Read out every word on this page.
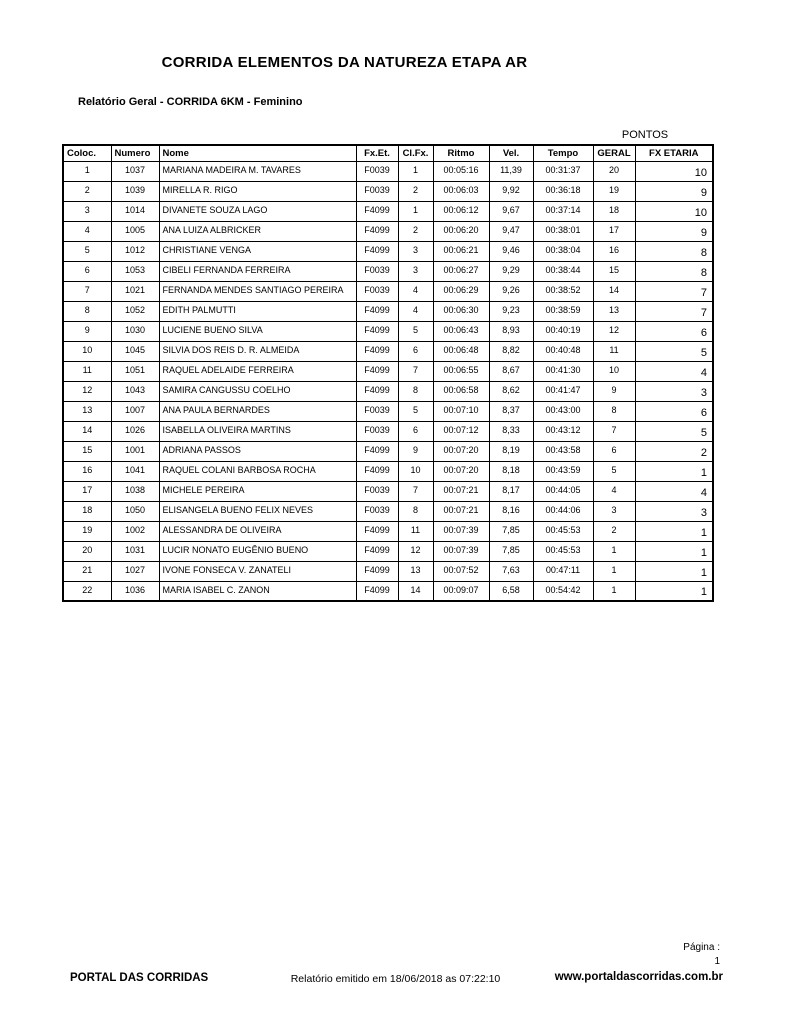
CORRIDA ELEMENTOS DA NATUREZA ETAPA AR
Relatório Geral - CORRIDA 6KM - Feminino
PONTOS
Coloc.	Numero	Nome	Fx.Et.	Cl.Fx.	Ritmo	Vel.	Tempo	GERAL	FX ETARIA
1	1037	MARIANA MADEIRA M. TAVARES	F0039	1	00:05:16	11,39	00:31:37	20	10
2	1039	MIRELLA R. RIGO	F0039	2	00:06:03	9,92	00:36:18	19	9
3	1014	DIVANETE SOUZA LAGO	F4099	1	00:06:12	9,67	00:37:14	18	10
4	1005	ANA LUIZA ALBRICKER	F4099	2	00:06:20	9,47	00:38:01	17	9
5	1012	CHRISTIANE VENGA	F4099	3	00:06:21	9,46	00:38:04	16	8
6	1053	CIBELI FERNANDA FERREIRA	F0039	3	00:06:27	9,29	00:38:44	15	8
7	1021	FERNANDA MENDES SANTIAGO PEREIRA	F0039	4	00:06:29	9,26	00:38:52	14	7
8	1052	EDITH PALMUTTI	F4099	4	00:06:30	9,23	00:38:59	13	7
9	1030	LUCIENE BUENO SILVA	F4099	5	00:06:43	8,93	00:40:19	12	6
10	1045	SILVIA DOS REIS D. R. ALMEIDA	F4099	6	00:06:48	8,82	00:40:48	11	5
11	1051	RAQUEL ADELAIDE FERREIRA	F4099	7	00:06:55	8,67	00:41:30	10	4
12	1043	SAMIRA CANGUSSU COELHO	F4099	8	00:06:58	8,62	00:41:47	9	3
13	1007	ANA PAULA BERNARDES	F0039	5	00:07:10	8,37	00:43:00	8	6
14	1026	ISABELLA OLIVEIRA MARTINS	F0039	6	00:07:12	8,33	00:43:12	7	5
15	1001	ADRIANA PASSOS	F4099	9	00:07:20	8,19	00:43:58	6	2
16	1041	RAQUEL COLANI BARBOSA ROCHA	F4099	10	00:07:20	8,18	00:43:59	5	1
17	1038	MICHELE PEREIRA	F0039	7	00:07:21	8,17	00:44:05	4	4
18	1050	ELISANGELA BUENO FELIX NEVES	F0039	8	00:07:21	8,16	00:44:06	3	3
19	1002	ALESSANDRA DE OLIVEIRA	F4099	11	00:07:39	7,85	00:45:53	2	1
20	1031	LUCIR NONATO EUGÊNIO BUENO	F4099	12	00:07:39	7,85	00:45:53	1	1
21	1027	IVONE FONSECA V. ZANATELI	F4099	13	00:07:52	7,63	00:47:11	1	1
22	1036	MARIA ISABEL C. ZANON	F4099	14	00:09:07	6,58	00:54:42	1	1
Página :
1
PORTAL DAS CORRIDAS	Relatório emitido em 18/06/2018 as 07:22:10	www.portaldascorridas.com.br
